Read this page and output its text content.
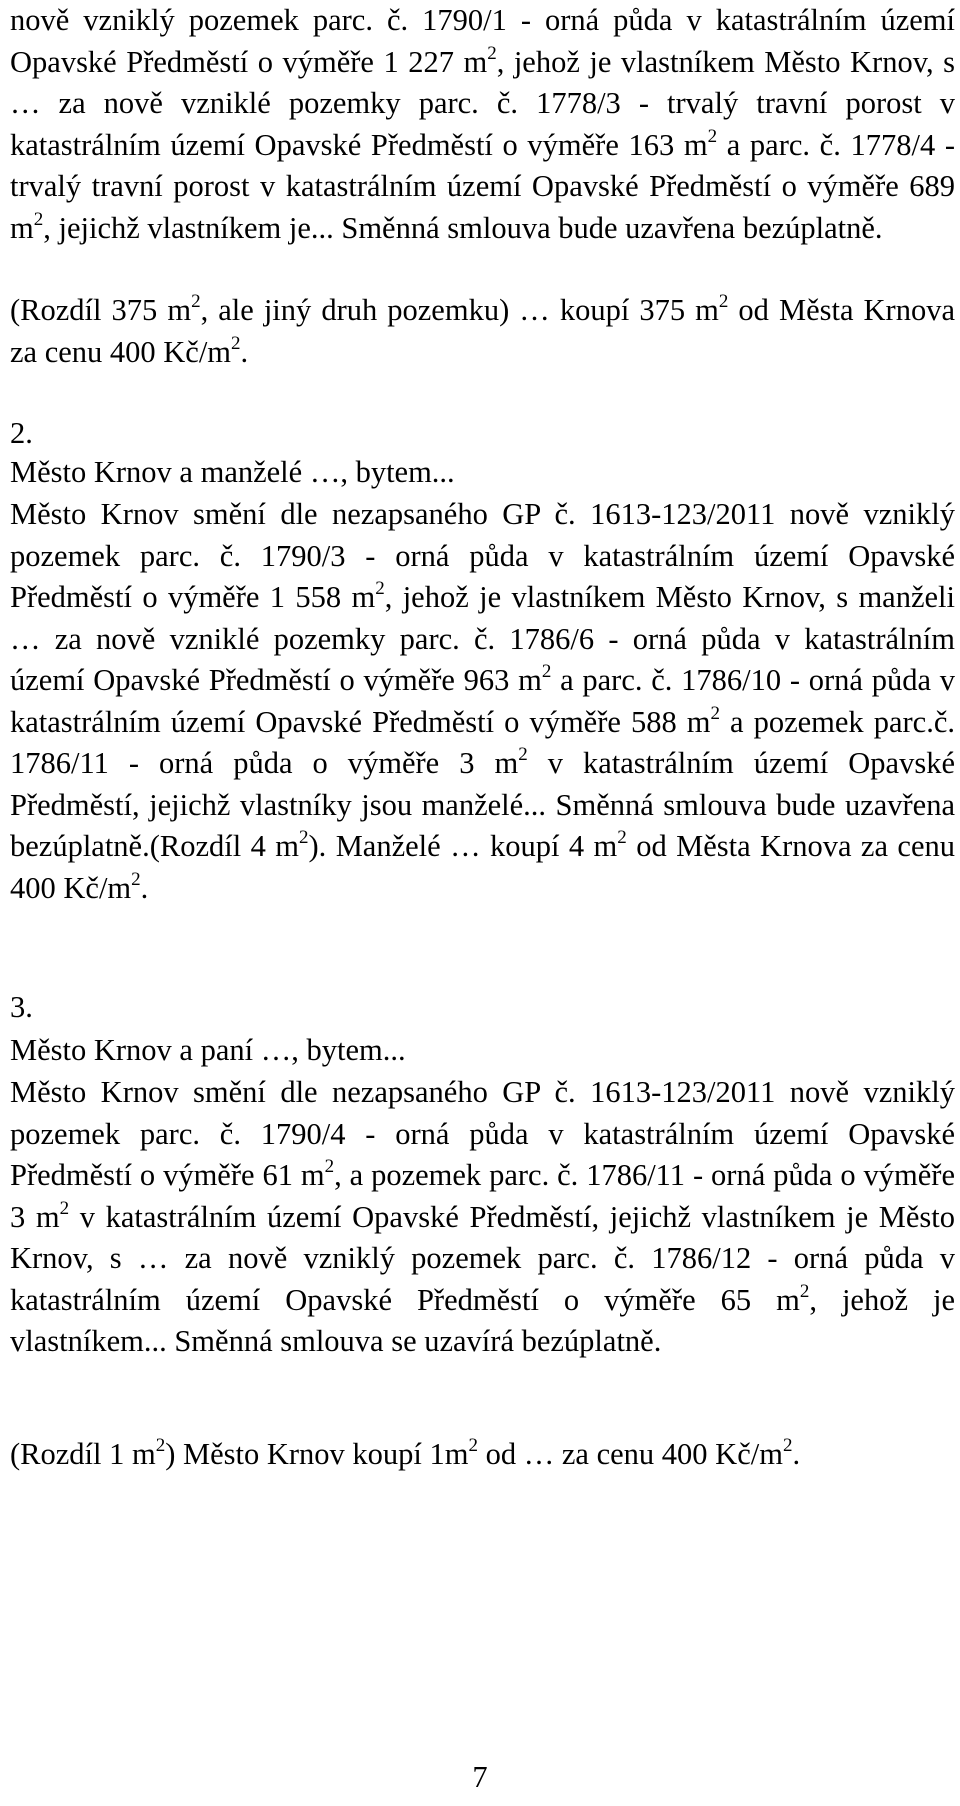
nově vzniklý pozemek parc. č. 1790/1 - orná půda v katastrálním území Opavské Předměstí o výměře 1 227 $m^2$, jehož je vlastníkem Město Krnov, s … za nově vzniklé pozemky parc. č. 1778/3 - trvalý travní porost v katastrálním území Opavské Předměstí o výměře 163 $m^2$ a parc. č. 1778/4 - trvalý travní porost v katastrálním území Opavské Předměstí o výměře 689 $m^2$, jejichž vlastníkem je... Směnná smlouva bude uzavřena bezúplatně.

(Rozdíl 375 $m^2$, ale jiný druh pozemku) … koupí 375 $m^2$ od Města Krnova za cenu 400 $Kč/m^2$.

2.

Město Krnov a manželé …, bytem...

Město Krnov smění dle nezapsaného GP č. 1613-123/2011 nově vzniklý pozemek parc. č. 1790/3 - orná půda v katastrálním území Opavské Předměstí o výměře 1 558 $m^2$, jehož je vlastníkem Město Krnov, s manželi … za nově vzniklé pozemky parc. č. 1786/6 - orná půda v katastrálním území Opavské Předměstí o výměře 963 $m^2$ a parc. č. 1786/10 - orná půda v katastrálním území Opavské Předměstí o výměře 588 $m^2$ a pozemek parc.č. 1786/11 - orná půda o výměře 3 $m^2$ v katastrálním území Opavské Předměstí, jejichž vlastníky jsou manželé... Směnná smlouva bude uzavřena bezúplatně.(Rozdíl 4 $m^2$). Manželé … koupí 4 $m^2$ od Města Krnova za cenu 400 $Kč/m^2$.

3.

Město Krnov a paní …, bytem...

Město Krnov smění dle nezapsaného GP č. 1613-123/2011 nově vzniklý pozemek parc. č. 1790/4 - orná půda v katastrálním území Opavské Předměstí o výměře 61 $m^2$, a pozemek parc. č. 1786/11 - orná půda o výměře 3 $m^2$ v katastrálním území Opavské Předměstí, jejichž vlastníkem je Město Krnov, s … za nově vzniklý pozemek parc. č. 1786/12 - orná půda v katastrálním území Opavské Předměstí o výměře 65 $m^2$, jehož je vlastníkem... Směnná smlouva se uzavírá bezúplatně.

(Rozdíl 1 $m^2$) Město Krnov koupí $1m^2$ od … za cenu 400 $Kč/m^2$.

7
